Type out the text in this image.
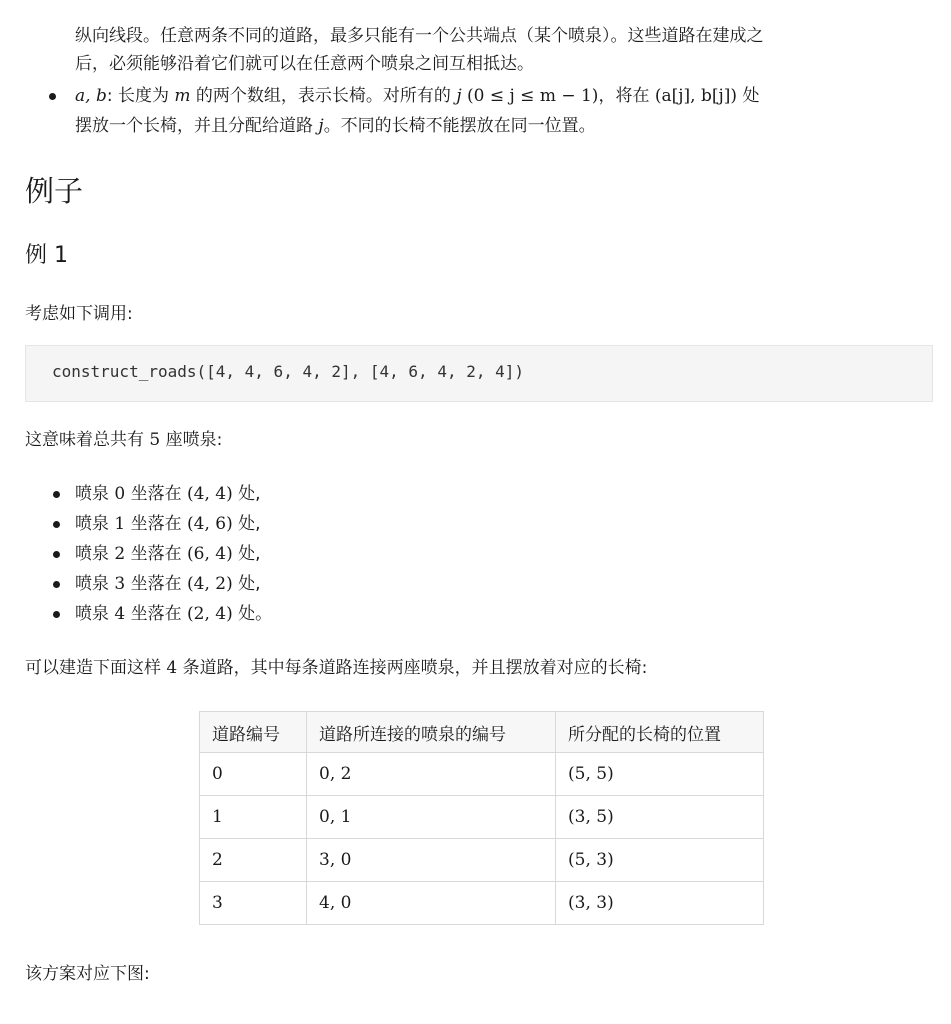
纵向线段。任意两条不同的道路，最多只能有一个公共端点（某个喷泉）。这些道路在建成之
后，必须能够沿着它们就可以在任意两个喷泉之间互相抵达。
a, b: 长度为 m 的两个数组，表示长椅。对所有的 j (0 ≤ j ≤ m − 1)，将在 (a[j], b[j]) 处
摆放一个长椅，并且分配给道路 j。不同的长椅不能摆放在同一位置。
例子
例 1
考虑如下调用:
construct_roads([4, 4, 6, 4, 2], [4, 6, 4, 2, 4])
这意味着总共有 5 座喷泉:
喷泉 0 坐落在 (4, 4) 处,
喷泉 1 坐落在 (4, 6) 处,
喷泉 2 坐落在 (6, 4) 处,
喷泉 3 坐落在 (4, 2) 处,
喷泉 4 坐落在 (2, 4) 处。
可以建造下面这样 4 条道路，其中每条道路连接两座喷泉，并且摆放着对应的长椅:
道路编号	道路所连接的喷泉的编号	所分配的长椅的位置
0	0, 2	(5, 5)
1	0, 1	(3, 5)
2	3, 0	(5, 3)
3	4, 0	(3, 3)
该方案对应下图:
